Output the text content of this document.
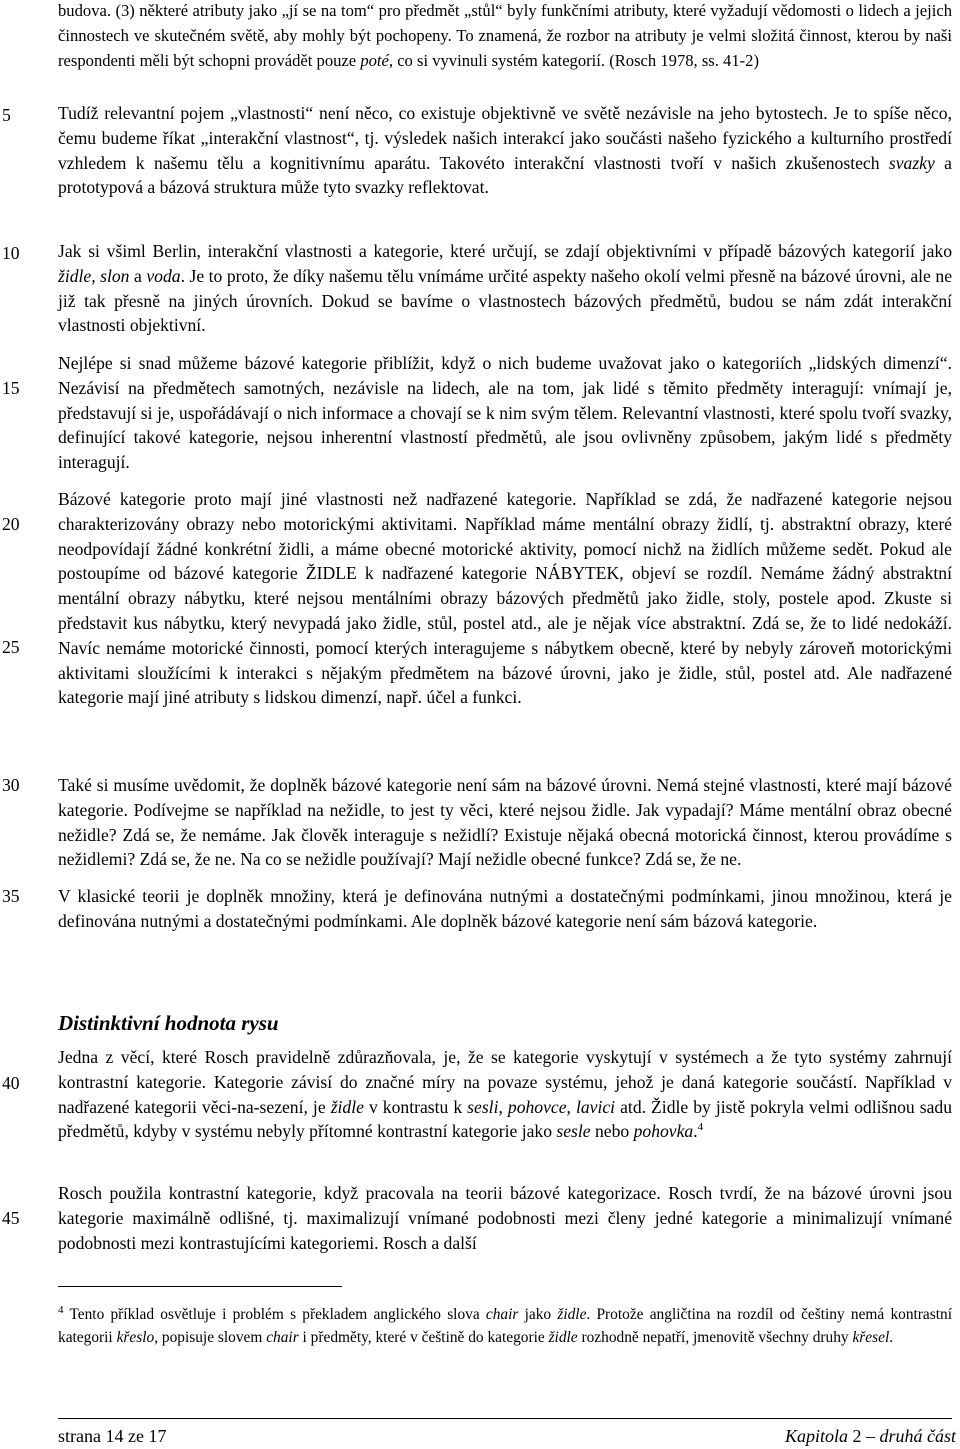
5
10
15
20
25
30
35
40
45

budova. (3) některé atributy jako „jí se na tom“ pro předmět „stůl“ byly funkčními atributy, které vyžadují vědomosti o lidech a jejich činnostech ve skutečném světě, aby mohly být pochopeny. To znamená, že rozbor na atributy je velmi složitá činnost, kterou by naši respondenti měli být schopni provádět pouze poté, co si vyvinuli systém kategorií. (Rosch 1978, ss. 41-2)

Tudíž relevantní pojem „vlastnosti“ není něco, co existuje objektivně ve světě nezávisle na jeho bytostech. Je to spíše něco, čemu budeme říkat „interakční vlastnost“, tj. výsledek našich interakcí jako součásti našeho fyzického a kulturního prostředí vzhledem k našemu tělu a kognitivnímu aparátu. Takovéto interakční vlastnosti tvoří v našich zkušenostech svazky a prototypová a bázová struktura může tyto svazky reflektovat.

Jak si všiml Berlin, interakční vlastnosti a kategorie, které určují, se zdají objektivními v případě bázových kategorií jako židle, slon a voda. Je to proto, že díky našemu tělu vnímáme určité aspekty našeho okolí velmi přesně na bázové úrovni, ale ne již tak přesně na jiných úrovních. Dokud se bavíme o vlastnostech bázových předmětů, budou se nám zdát interakční vlastnosti objektivní.

Nejlépe si snad můžeme bázové kategorie přiblížit, když o nich budeme uvažovat jako o kategoriích „lidských dimenzí“. Nezávisí na předmětech samotných, nezávisle na lidech, ale na tom, jak lidé s těmito předměty interagují: vnímají je, představují si je, uspořádávají o nich informace a chovají se k nim svým tělem. Relevantní vlastnosti, které spolu tvoří svazky, definující takové kategorie, nejsou inherentní vlastností předmětů, ale jsou ovlivněny způsobem, jakým lidé s předměty interagují.

Bázové kategorie proto mají jiné vlastnosti než nadřazené kategorie. Například se zdá, že nadřazené kategorie nejsou charakterizovány obrazy nebo motorickými aktivitami. Například máme mentální obrazy židlí, tj. abstraktní obrazy, které neodpovídají žádné konkrétní židli, a máme obecné motorické aktivity, pomocí nichž na židlích můžeme sedět. Pokud ale postoupíme od bázové kategorie ŽIDLE k nadřazené kategorie NÁBYTEK, objeví se rozdíl. Nemáme žádný abstraktní mentální obrazy nábytku, které nejsou mentálními obrazy bázových předmětů jako židle, stoly, postele apod. Zkuste si představit kus nábytku, který nevypadá jako židle, stůl, postel atd., ale je nějak více abstraktní. Zdá se, že to lidé nedokáží. Navíc nemáme motorické činnosti, pomocí kterých interagujeme s nábytkem obecně, které by nebyly zároveň motorickými aktivitami sloužícími k interakci s nějakým předmětem na bázové úrovni, jako je židle, stůl, postel atd. Ale nadřazené kategorie mají jiné atributy s lidskou dimenzí, např. účel a funkci.

Také si musíme uvědomit, že doplněk bázové kategorie není sám na bázové úrovni. Nemá stejné vlastnosti, které mají bázové kategorie. Podívejme se například na nežidle, to jest ty věci, které nejsou židle. Jak vypadají? Máme mentální obraz obecné nežidle? Zdá se, že nemáme. Jak člověk interaguje s nežidlí? Existuje nějaká obecná motorická činnost, kterou provádíme s nežidlemi? Zdá se, že ne. Na co se nežidle používají? Mají nežidle obecné funkce? Zdá se, že ne.

V klasické teorii je doplněk množiny, která je definována nutnými a dostatečnými podmínkami, jinou množinou, která je definována nutnými a dostatečnými podmínkami. Ale doplněk bázové kategorie není sám bázová kategorie.

Distinktivní hodnota rysu

Jedna z věcí, které Rosch pravidelně zdůrazňovala, je, že se kategorie vyskytují v systémech a že tyto systémy zahrnují kontrastní kategorie. Kategorie závisí do značné míry na povaze systému, jehož je daná kategorie součástí. Například v nadřazené kategorii věci-na-sezení, je židle v kontrastu k sesli, pohovce, lavici atd. Židle by jistě pokryla velmi odlišnou sadu předmětů, kdyby v systému nebyly přítomné kontrastní kategorie jako sesle nebo pohovka.$^4$

Rosch použila kontrastní kategorie, když pracovala na teorii bázové kategorizace. Rosch tvrdí, že na bázové úrovni jsou kategorie maximálně odlišné, tj. maximalizují vnímané podobnosti mezi členy jedné kategorie a minimalizují vnímané podobnosti mezi kontrastujícími kategoriemi. Rosch a další

$^4$ Tento příklad osvětluje i problém s překladem anglického slova chair jako židle. Protože angličtina na rozdíl od češtiny nemá kontrastní kategorii křeslo, popisuje slovem chair i předměty, které v češtině do kategorie židle rozhodně nepatří, jmenovitě všechny druhy křesel.

strana 14 ze 17	Kapitola 2 – druhá část
